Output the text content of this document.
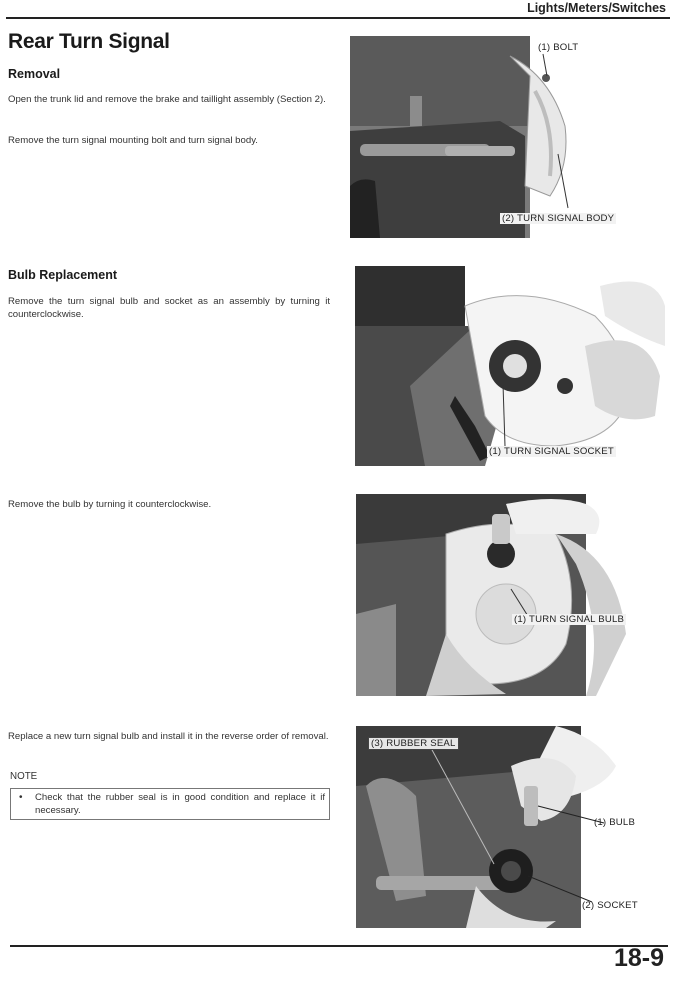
Lights/Meters/Switches
Rear Turn Signal
Removal
Open the trunk lid and remove the brake and taillight assembly (Section 2).
Remove the turn signal mounting bolt and turn signal body.
Bulb Replacement
Remove the turn signal bulb and socket as an assembly by turning it counterclockwise.
Remove the bulb by turning it counterclockwise.
Replace a new turn signal bulb and install it in the reverse order of removal.
NOTE
• Check that the rubber seal is in good condition and replace it if necessary.
(1) BOLT
(2) TURN SIGNAL BODY
(1) TURN SIGNAL SOCKET
(1) TURN SIGNAL BULB
(3) RUBBER SEAL
(1) BULB
(2) SOCKET
18-9
